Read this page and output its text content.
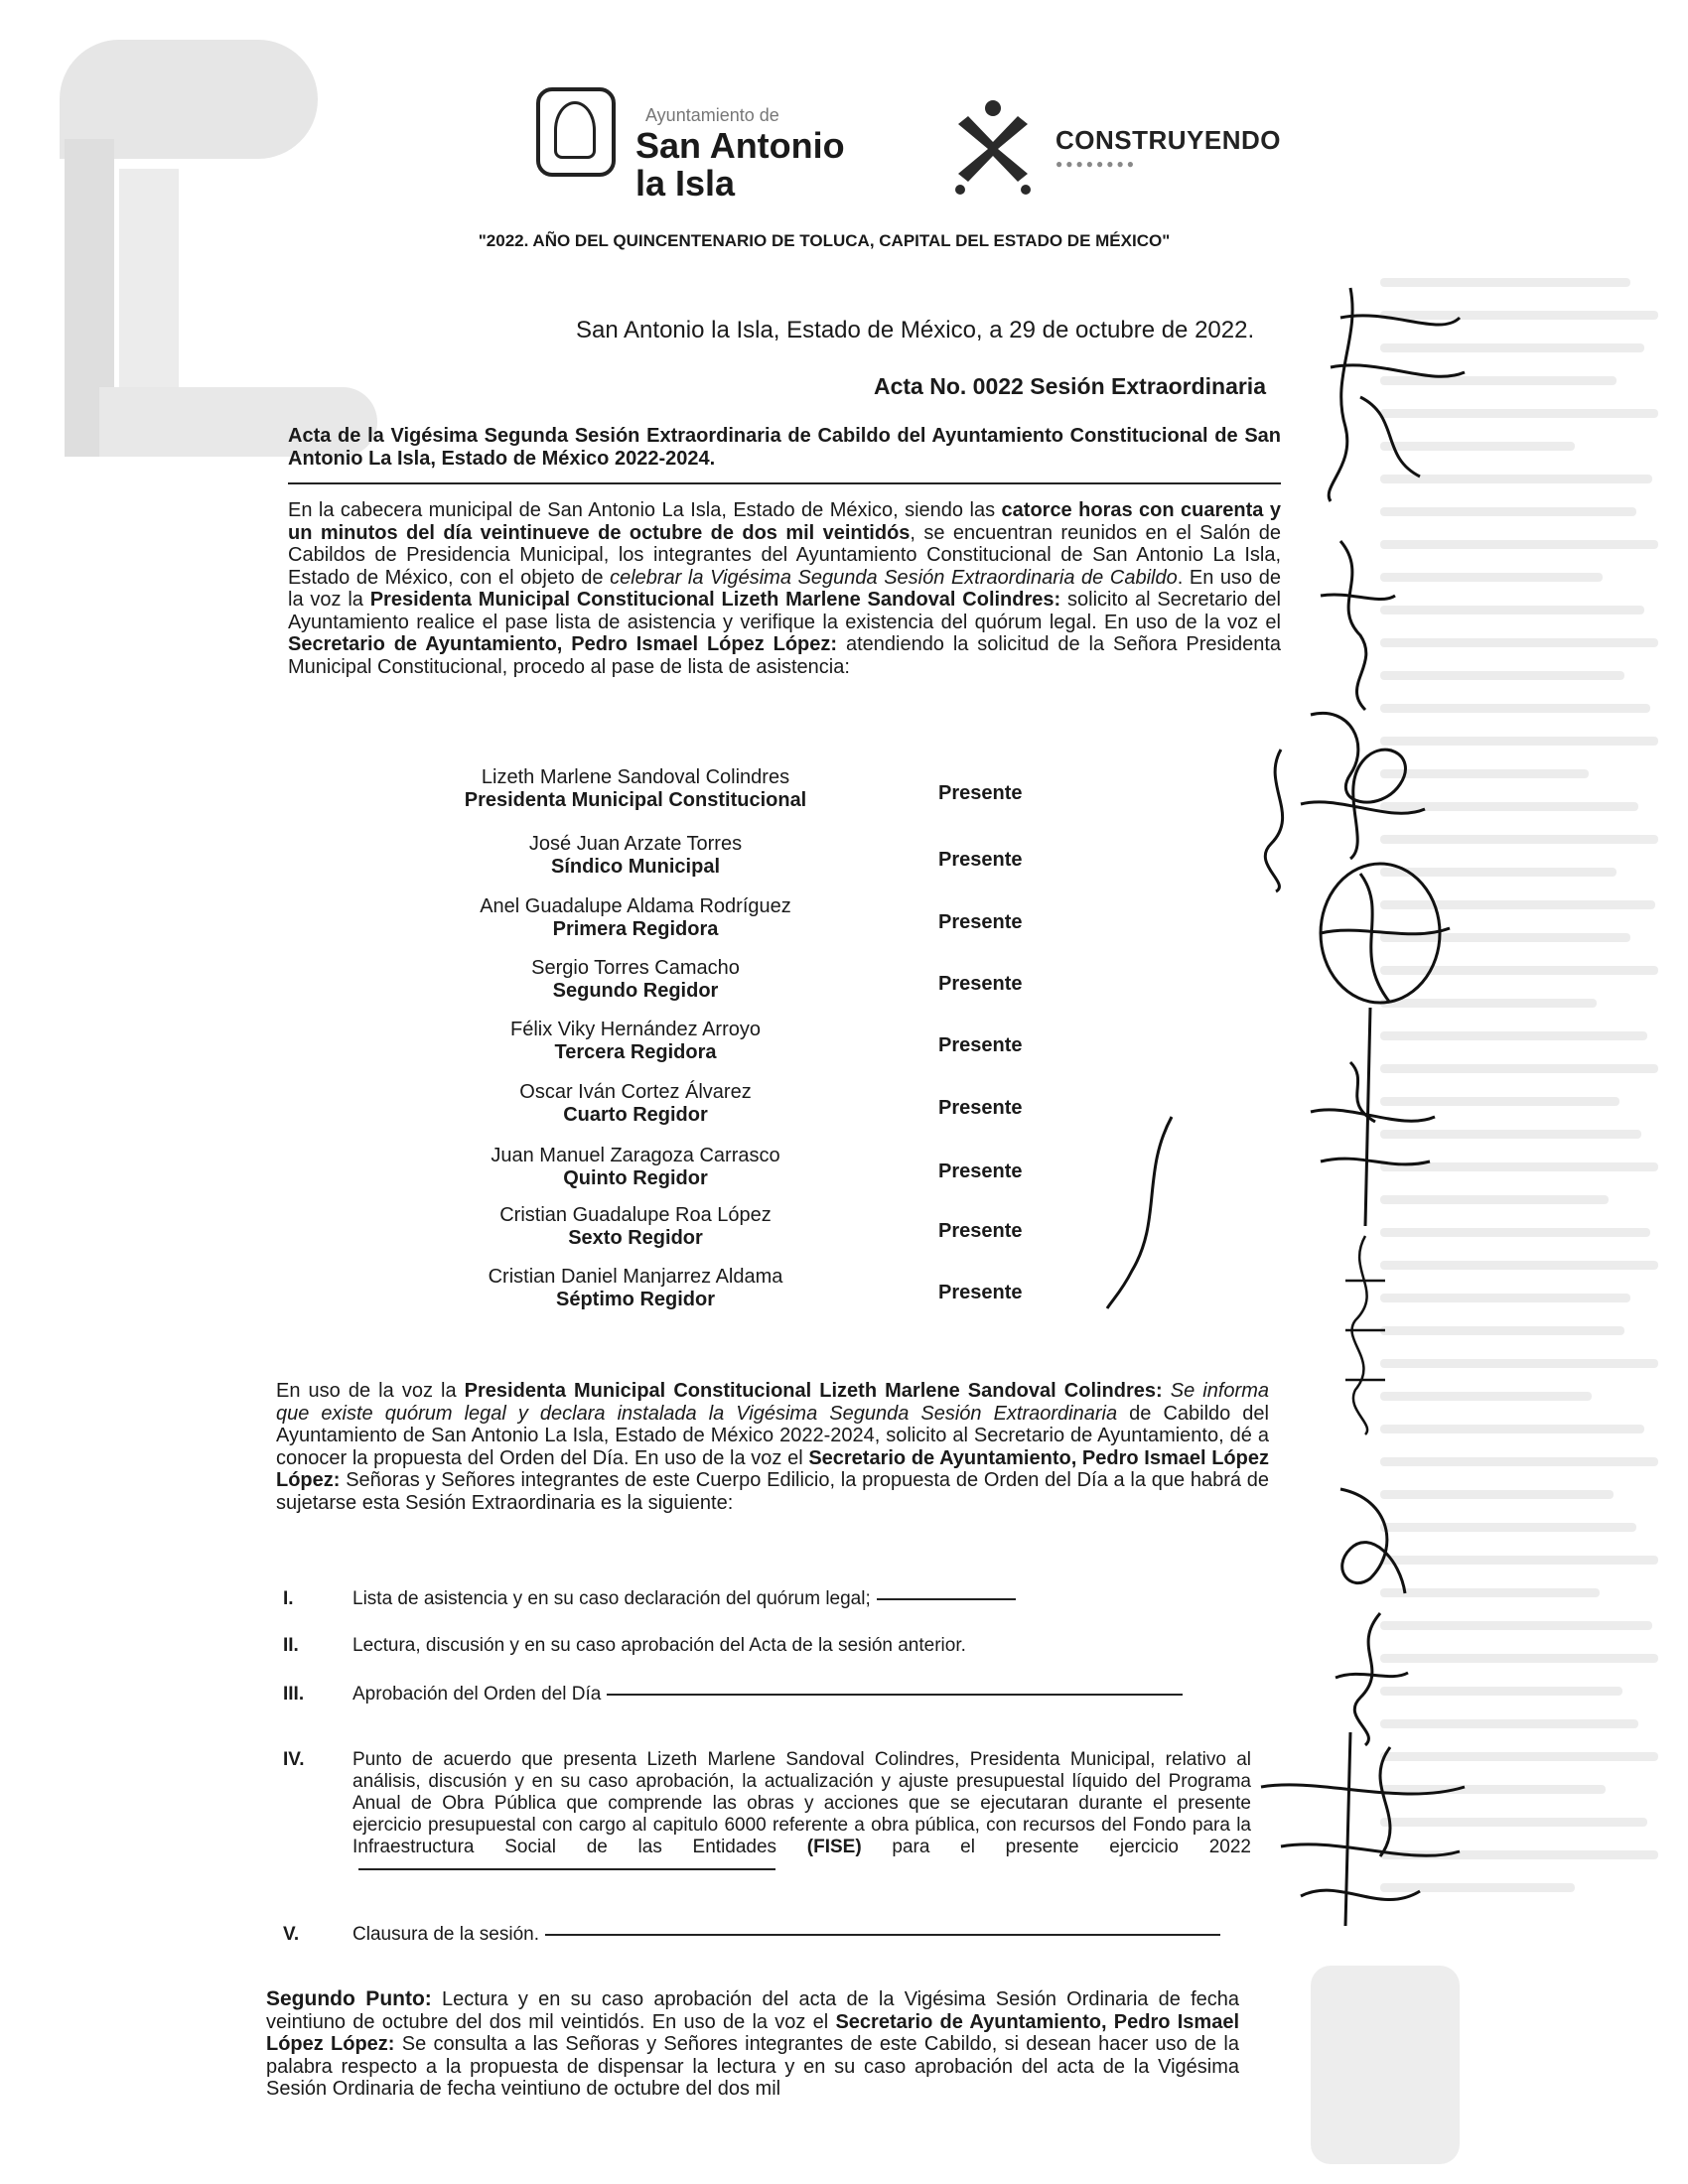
Ayuntamiento de
San Antonio
la Isla
CONSTRUYENDO
●●●●●●●●
"2022. AÑO DEL QUINCENTENARIO DE TOLUCA, CAPITAL DEL ESTADO DE MÉXICO"
San Antonio la Isla, Estado de México, a 29 de octubre de 2022.
Acta No. 0022 Sesión Extraordinaria
Acta de la Vigésima Segunda Sesión Extraordinaria de Cabildo del Ayuntamiento Constitucional de San Antonio La Isla, Estado de México 2022-2024.
En la cabecera municipal de San Antonio La Isla, Estado de México, siendo las catorce horas con cuarenta y un minutos del día veintinueve de octubre de dos mil veintidós, se encuentran reunidos en el Salón de Cabildos de Presidencia Municipal, los integrantes del Ayuntamiento Constitucional de San Antonio La Isla, Estado de México, con el objeto de celebrar la Vigésima Segunda Sesión Extraordinaria de Cabildo. En uso de la voz la Presidenta Municipal Constitucional Lizeth Marlene Sandoval Colindres: solicito al Secretario del Ayuntamiento realice el pase lista de asistencia y verifique la existencia del quórum legal. En uso de la voz el Secretario de Ayuntamiento, Pedro Ismael López López: atendiendo la solicitud de la Señora Presidenta Municipal Constitucional, procedo al pase de lista de asistencia:
Lizeth Marlene Sandoval Colindres
Presidenta Municipal Constitucional	Presente
José Juan Arzate Torres
Síndico Municipal	Presente
Anel Guadalupe Aldama Rodríguez
Primera Regidora	Presente
Sergio Torres Camacho
Segundo Regidor	Presente
Félix Viky Hernández Arroyo
Tercera Regidora	Presente
Oscar Iván Cortez Álvarez
Cuarto Regidor	Presente
Juan Manuel Zaragoza Carrasco
Quinto Regidor	Presente
Cristian Guadalupe Roa López
Sexto Regidor	Presente
Cristian Daniel Manjarrez Aldama
Séptimo Regidor	Presente
En uso de la voz la Presidenta Municipal Constitucional Lizeth Marlene Sandoval Colindres: Se informa que existe quórum legal y declara instalada la Vigésima Segunda Sesión Extraordinaria de Cabildo del Ayuntamiento de San Antonio La Isla, Estado de México 2022-2024, solicito al Secretario de Ayuntamiento, dé a conocer la propuesta del Orden del Día. En uso de la voz el Secretario de Ayuntamiento, Pedro Ismael López López: Señoras y Señores integrantes de este Cuerpo Edilicio, la propuesta de Orden del Día a la que habrá de sujetarse esta Sesión Extraordinaria es la siguiente:
I.	Lista de asistencia y en su caso declaración del quórum legal;
II.	Lectura, discusión y en su caso aprobación del Acta de la sesión anterior.
III.	Aprobación del Orden del Día
IV.	Punto de acuerdo que presenta Lizeth Marlene Sandoval Colindres, Presidenta Municipal, relativo al análisis, discusión y en su caso aprobación, la actualización y ajuste presupuestal líquido del Programa Anual de Obra Pública que comprende las obras y acciones que se ejecutaran durante el presente ejercicio presupuestal con cargo al capitulo 6000 referente a obra pública, con recursos del Fondo para la Infraestructura Social de las Entidades (FISE) para el presente ejercicio 2022
V.	Clausura de la sesión.
Segundo Punto: Lectura y en su caso aprobación del acta de la Vigésima Sesión Ordinaria de fecha veintiuno de octubre del dos mil veintidós. En uso de la voz el Secretario de Ayuntamiento, Pedro Ismael López López: Se consulta a las Señoras y Señores integrantes de este Cabildo, si desean hacer uso de la palabra respecto a la propuesta de dispensar la lectura y en su caso aprobación del acta de la Vigésima Sesión Ordinaria de fecha veintiuno de octubre del dos mil
